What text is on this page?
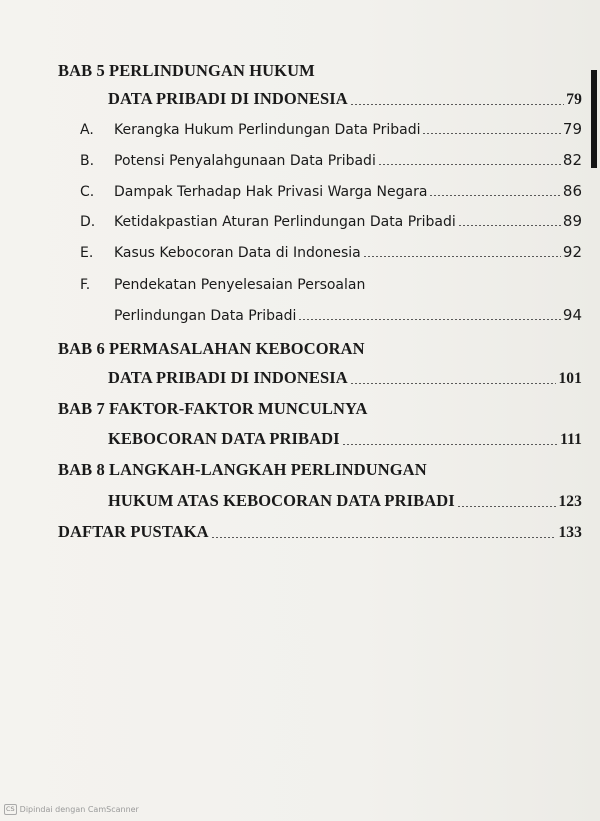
BAB 5 PERLINDUNGAN HUKUM
DATA PRIBADI DI INDONESIA	79
A.	Kerangka Hukum Perlindungan Data Pribadi	79
B.	Potensi Penyalahgunaan Data Pribadi	82
C.	Dampak Terhadap Hak Privasi Warga Negara	86
D.	Ketidakpastian Aturan Perlindungan Data Pribadi	89
E.	Kasus Kebocoran Data di Indonesia	92
F.	Pendekatan Penyelesaian Persoalan
Perlindungan Data Pribadi	94
BAB 6 PERMASALAHAN KEBOCORAN
DATA PRIBADI DI INDONESIA	101
BAB 7 FAKTOR-FAKTOR MUNCULNYA
KEBOCORAN DATA PRIBADI	111
BAB 8 LANGKAH-LANGKAH PERLINDUNGAN
HUKUM ATAS KEBOCORAN DATA PRIBADI	123
DAFTAR PUSTAKA	133
CS Dipindai dengan CamScanner
